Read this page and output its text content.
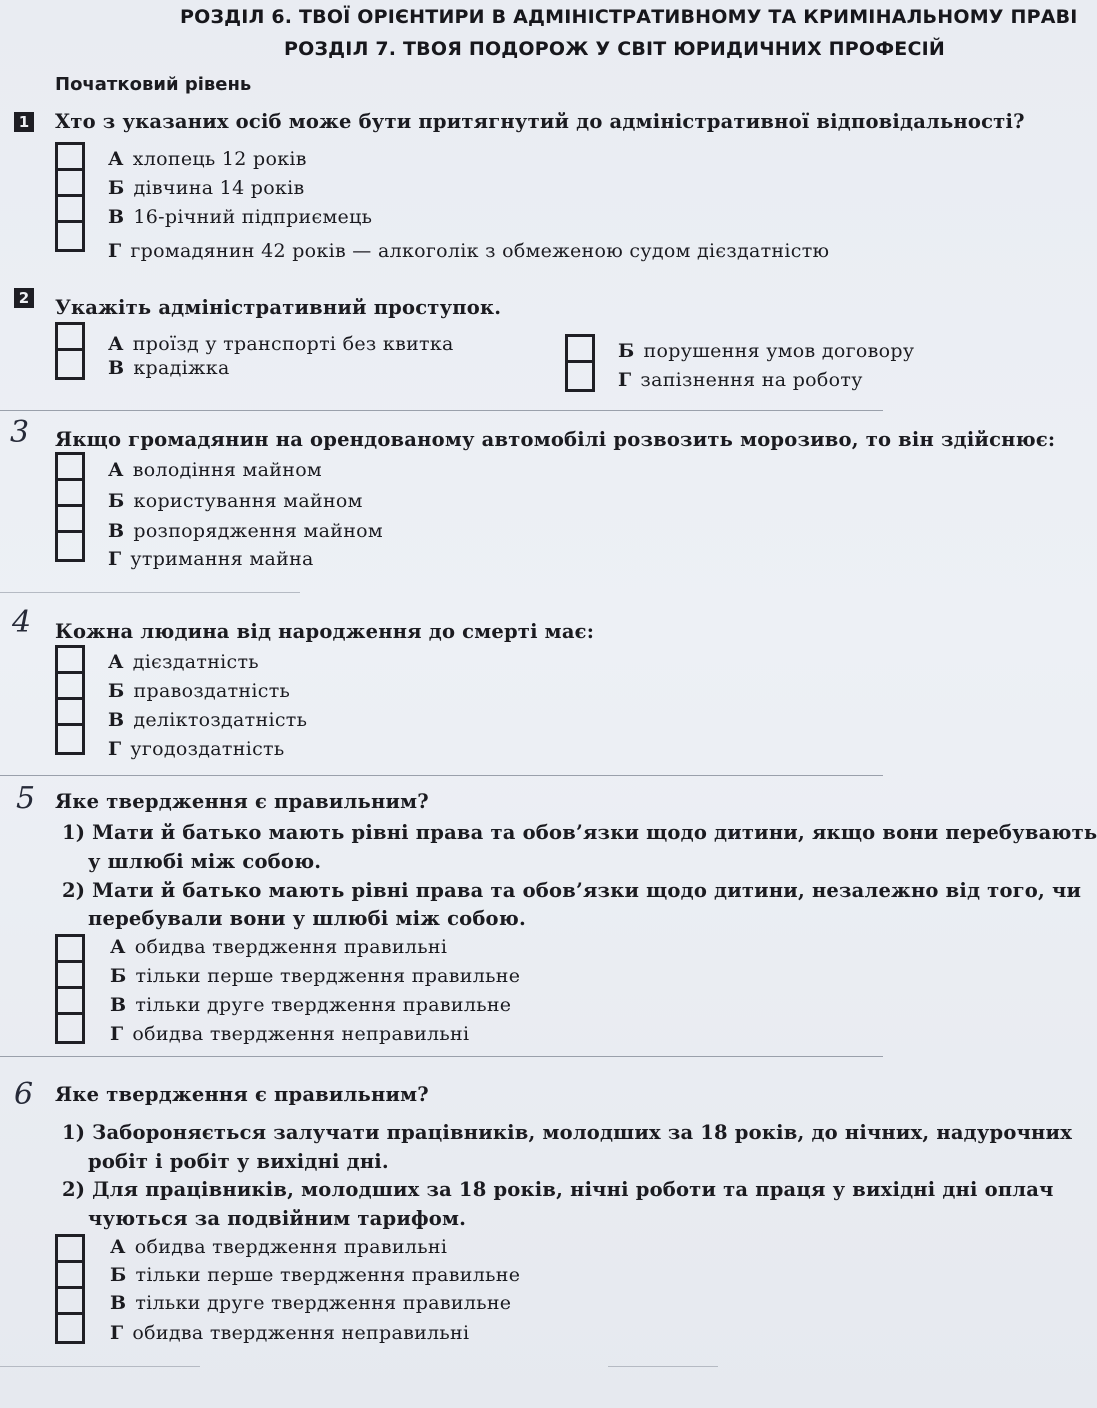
РОЗДІЛ 6. ТВОЇ ОРІЄНТИРИ В АДМІНІСТРАТИВНОМУ ТА КРИМІНАЛЬНОМУ ПРАВІ
РОЗДІЛ 7. ТВОЯ ПОДОРОЖ У СВІТ ЮРИДИЧНИХ ПРОФЕСІЙ
Початковий рівень
1 Хто з указаних осіб може бути притягнутий до адміністративної відповідальності?
А хлопець 12 років
Б дівчина 14 років
В 16-річний підприємець
Г громадянин 42 років — алкоголік з обмеженою судом дієздатністю
2 Укажіть адміністративний проступок.
А проїзд у транспорті без квитка
В крадіжка
Б порушення умов договору
Г запізнення на роботу
3 Якщо громадянин на орендованому автомобілі розвозить морозиво, то він здійснює:
А володіння майном
Б користування майном
В розпорядження майном
Г утримання майна
4 Кожна людина від народження до смерті має:
А дієздатність
Б правоздатність
В деліктоздатність
Г угодоздатність
5 Яке твердження є правильним?
1) Мати й батько мають рівні права та обов’язки щодо дитини, якщо вони перебувають
у шлюбі між собою.
2) Мати й батько мають рівні права та обов’язки щодо дитини, незалежно від того, чи
перебували вони у шлюбі між собою.
А обидва твердження правильні
Б тільки перше твердження правильне
В тільки друге твердження правильне
Г обидва твердження неправильні
6 Яке твердження є правильним?
1) Забороняється залучати працівників, молодших за 18 років, до нічних, надурочних
робіт і робіт у вихідні дні.
2) Для працівників, молодших за 18 років, нічні роботи та праця у вихідні дні оплач
чуються за подвійним тарифом.
А обидва твердження правильні
Б тільки перше твердження правильне
В тільки друге твердження правильне
Г обидва твердження неправильні
